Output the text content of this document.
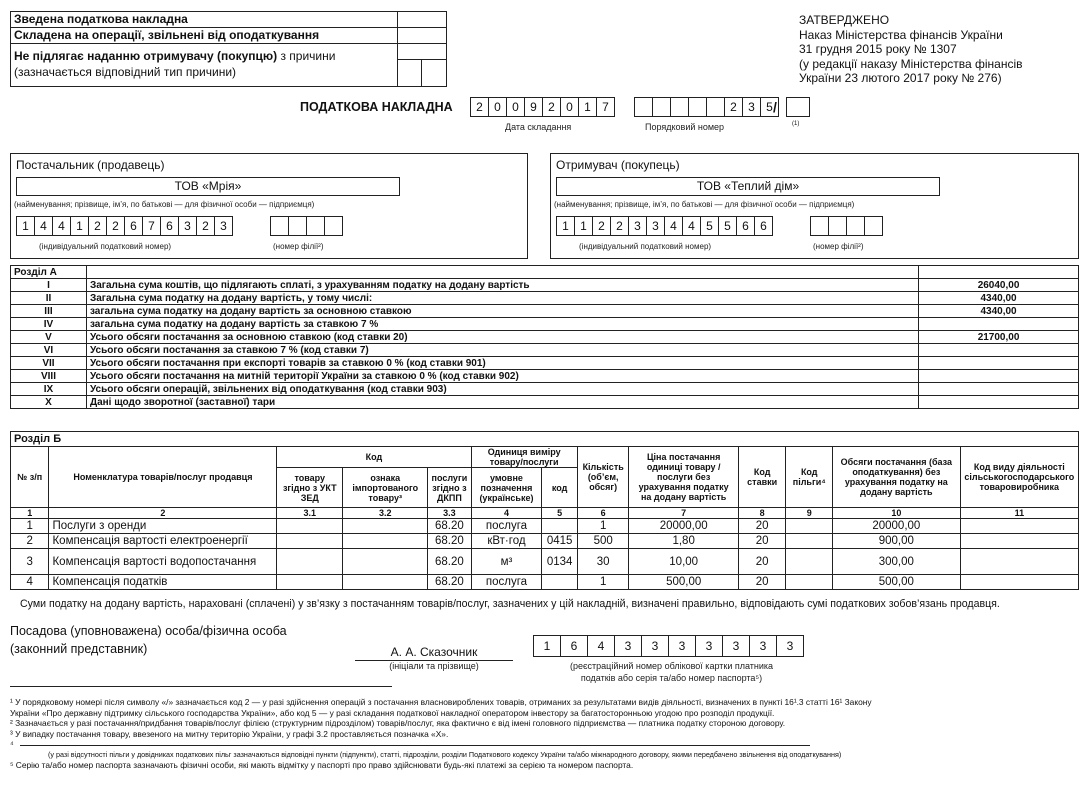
Зведена податкова накладна
Складена на операції, звільнені від оподаткування
Не підлягає наданню отримувачу (покупцю) з причини
(зазначається відповідний тип причини)
ЗАТВЕРДЖЕНО
Наказ Міністерства фінансів України
31 грудня 2015 року № 1307
(у редакції наказу Міністерства фінансів
України 23 лютого 2017 року № 276)
ПОДАТКОВА НАКЛАДНА	2 0 0 9 2 0 1 7
Дата складання
2 3 5 /
Порядковий номер	(1)
Постачальник (продавець)
ТОВ «Мрія»
(найменування; прізвище, ім’я, по батькові — для фізичної особи — підприємця)
1 4 4 1 2 2 6 7 6 3 2 3
(індивідуальний податковий номер)	(номер філії²)
Отримувач (покупець)
ТОВ «Теплий дім»
(найменування; прізвище, ім’я, по батькові — для фізичної особи — підприємця)
1 1 2 2 3 3 4 4 5 5 6 6
(індивідуальний податковий номер)	(номер філії²)
Розділ А		
I	Загальна сума коштів, що підлягають сплаті, з урахуванням податку на додану вартість	26040,00
II	Загальна сума податку на додану вартість, у тому числі:	4340,00
III	загальна сума податку на додану вартість за основною ставкою	4340,00
IV	загальна сума податку на додану вартість за ставкою 7 %	
V	Усього обсяги постачання за основною ставкою (код ставки 20)	21700,00
VI	Усього обсяги постачання за ставкою 7 % (код ставки 7)	
VII	Усього обсяги постачання при експорті товарів за ставкою 0 % (код ставки 901)	
VIII	Усього обсяги постачання на митній території України за ставкою 0 % (код ставки 902)	
IX	Усього обсяги операцій, звільнених від оподаткування (код ставки 903)	
X	Дані щодо зворотної (заставної) тари	
Розділ Б												
№ з/п	Номенклатура товарів/послуг продавця	Код			Одиниця виміру товару/послуги		Кількість (об’єм, обсяг)	Ціна постачання одиниці товару / послуги без урахування податку на додану вартість	Код ставки	Код пільги⁴	Обсяги постачання (база оподаткування) без урахування податку на додану вартість	Код виду діяльності сільськогосподарського товаровиробника
		товару згідно з УКТ ЗЕД	ознака імпортованого товару³	послуги згідно з ДКПП	умовне позначення (українське)	код						
1	2	3.1	3.2	3.3	4	5	6	7	8	9	10	11
1	Послуги з оренди			68.20	послуга		1	20000,00	20		20000,00	
2	Компенсація вартості електроенергії			68.20	кВт·год	0415	500	1,80	20		900,00	
3	Компенсація вартості водопостачання			68.20	м³	0134	30	10,00	20		300,00	
4	Компенсація податків			68.20	послуга		1	500,00	20		500,00	
Суми податку на додану вартість, нараховані (сплачені) у зв’язку з постачанням товарів/послуг, зазначених у цій накладній, визначені правильно, відповідають сумі податкових зобов’язань продавця.
Посадова (уповноважена) особа/фізична особа
(законний представник)	А. А. Сказочник
(ініціали та прізвище)
1	6	4	3	3	3	3	3	3	3
(реєстраційний номер облікової картки платника
податків або серія та/або номер паспорта⁵)
¹ У порядковому номері після символу «/» зазначається код 2 — у разі здійснення операцій з постачання власновироблених товарів, отриманих за результатами видів діяльності, визначених в пункті 16¹.3 статті 16¹ Закону
України «Про державну підтримку сільського господарства України», або код 5 — у разі складання податкової накладної оператором інвестору за багатосторонньою угодою про розподіл продукції.
² Зазначається у разі постачання/придбання товарів/послуг філією (структурним підрозділом) товарів/послуг, яка фактично є від імені головного підприємства — платника податку стороною договору.
³ У випадку постачання товару, ввезеного на митну територію України, у графі 3.2 проставляється позначка «Х».
⁴
(у разі відсутності пільги у довідниках податкових пільг зазначаються відповідні пункти (підпункти), статті, підрозділи, розділи Податкового кодексу України та/або міжнародного договору, якими передбачено звільнення від оподаткування)
⁵ Серію та/або номер паспорта зазначають фізичні особи, які мають відмітку у паспорті про право здійснювати будь-які платежі за серією та номером паспорта.
